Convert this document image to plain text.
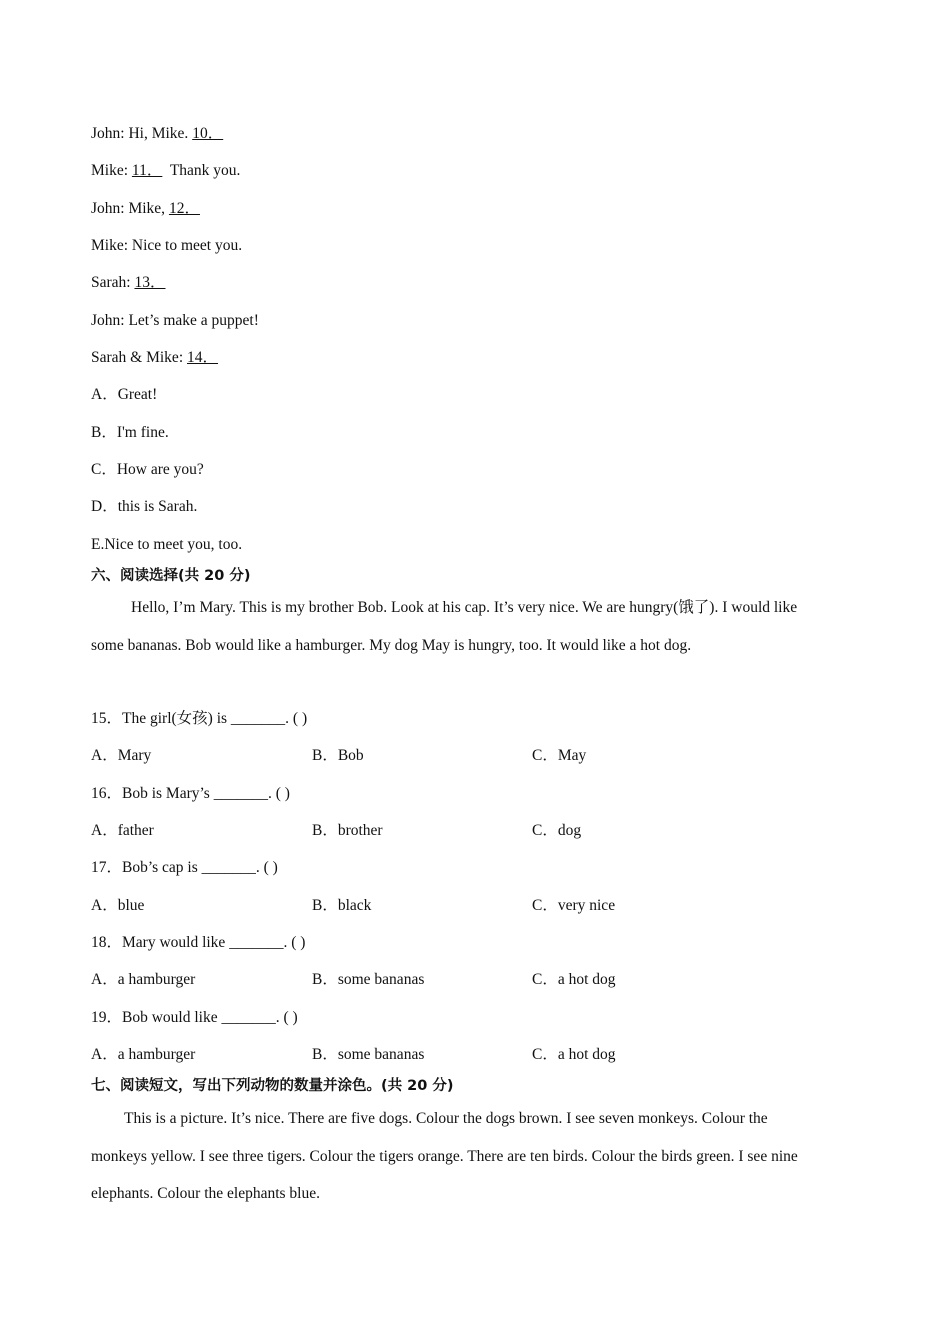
John: Hi, Mike. 10．
Mike: 11．  Thank you.
John: Mike, 12．
Mike: Nice to meet you.
Sarah: 13．
John: Let’s make a puppet!
Sarah & Mike: 14．
A．Great!
B．I'm fine.
C．How are you?
D．this is Sarah.
E.Nice to meet you, too.
六、阅读选择(共 20 分)
Hello, I’m Mary. This is my brother Bob. Look at his cap. It’s very nice. We are hungry(饿了). I would like some bananas. Bob would like a hamburger. My dog May is hungry, too. It would like a hot dog.
15．The girl(女孩) is _______. ( )
A．Mary	B．Bob	C．May
16．Bob is Mary’s _______. ( )
A．father	B．brother	C．dog
17．Bob’s cap is _______. ( )
A．blue	B．black	C．very nice
18．Mary would like _______. ( )
A．a hamburger	B．some bananas	C．a hot dog
19．Bob would like _______. ( )
A．a hamburger	B．some bananas	C．a hot dog
七、阅读短文，写出下列动物的数量并涂色。(共 20 分)
This is a picture. It’s nice. There are five dogs. Colour the dogs brown. I see seven monkeys. Colour the monkeys yellow. I see three tigers. Colour the tigers orange. There are ten birds. Colour the birds green. I see nine elephants. Colour the elephants blue.
